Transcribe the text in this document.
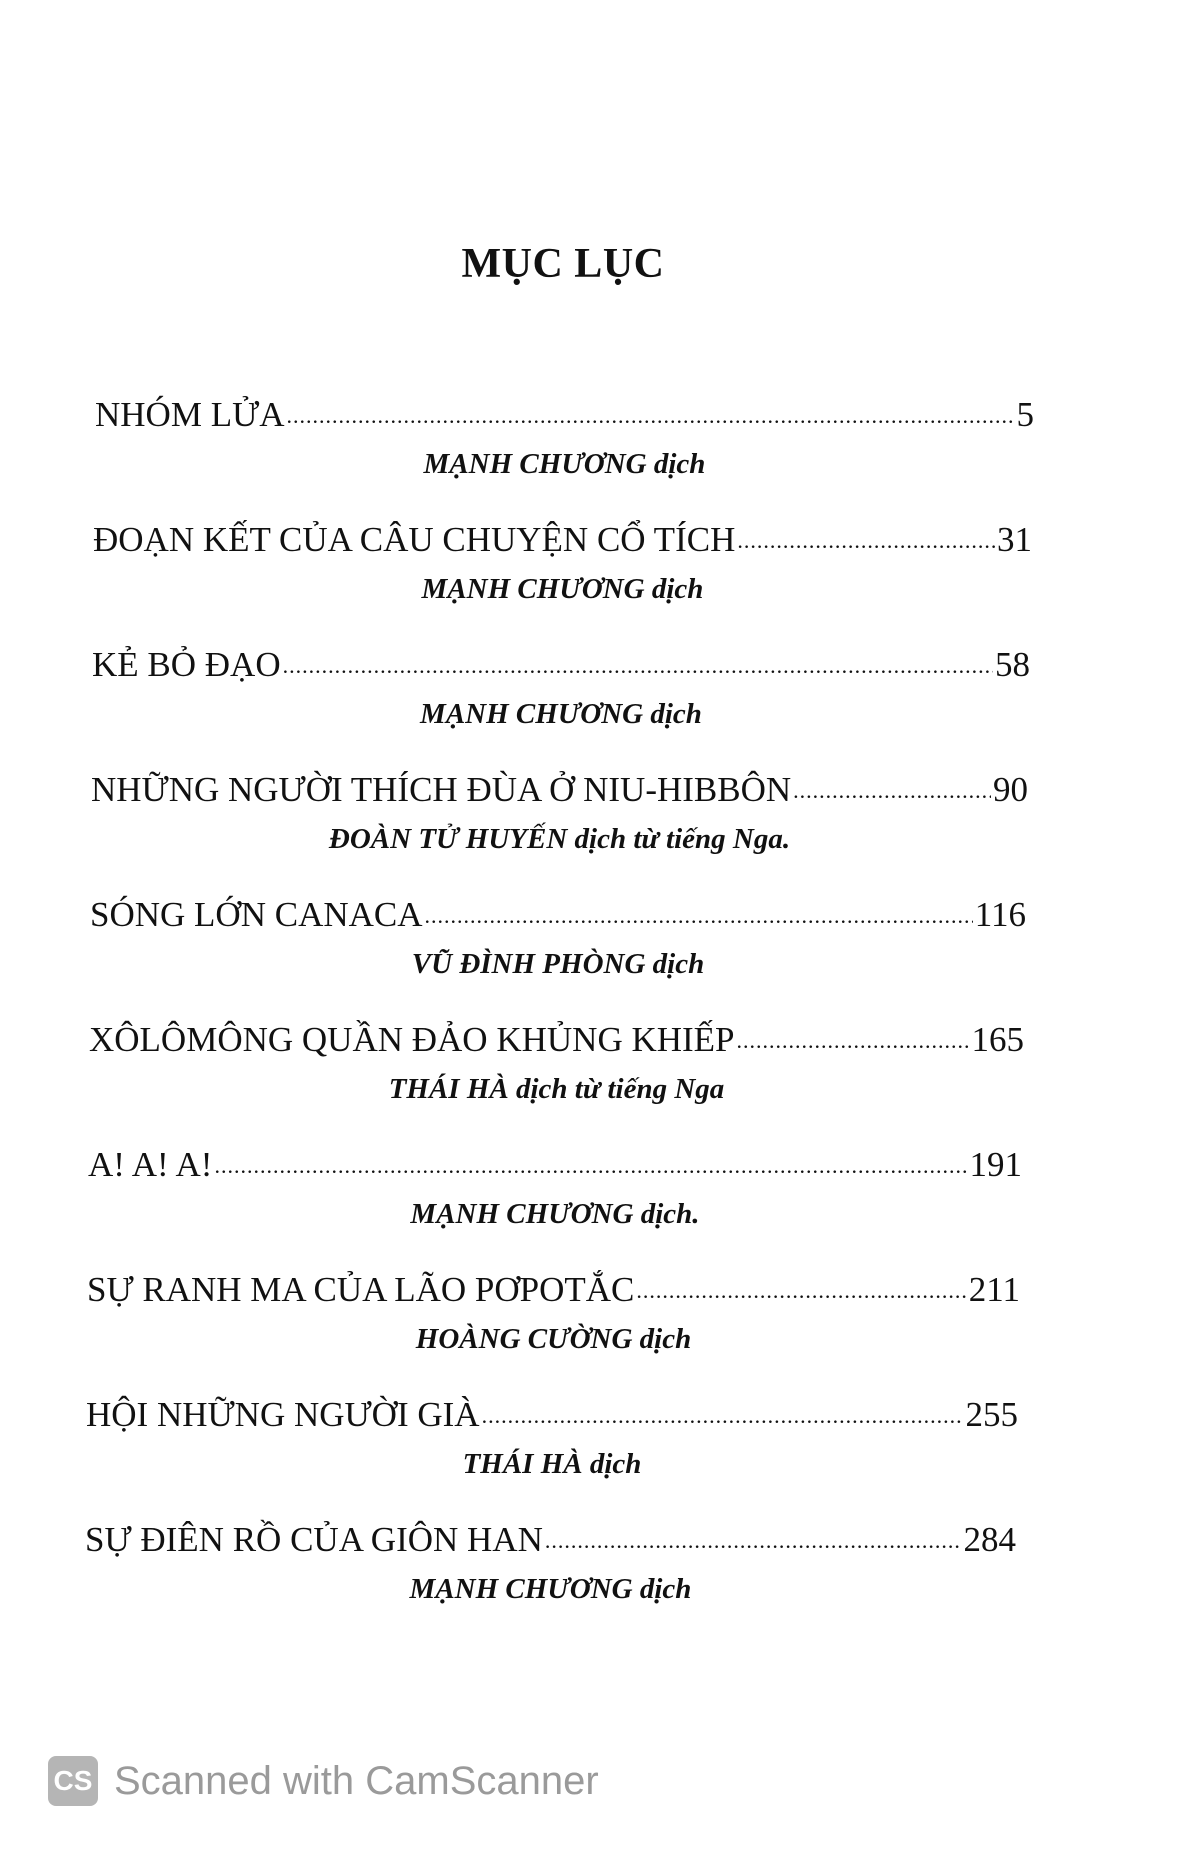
MỤC LỤC
NHÓM LỬA .....	5
MẠNH CHƯƠNG dịch
ĐOẠN KẾT CỦA CÂU CHUYỆN CỔ TÍCH .....	31
MẠNH CHƯƠNG dịch
KẺ BỎ ĐẠO .....	58
MẠNH CHƯƠNG dịch
NHỮNG NGƯỜI THÍCH ĐÙA Ở NIU-HIBBÔN .....	90
ĐOÀN TỬ HUYẾN dịch từ tiếng Nga.
SÓNG LỚN CANACA .....	116
VŨ ĐÌNH PHÒNG dịch
XÔLÔMÔNG QUẦN ĐẢO KHỦNG KHIẾP .....	165
THÁI HÀ dịch từ tiếng Nga
A! A! A! .....	191
MẠNH CHƯƠNG dịch.
SỰ RANH MA CỦA LÃO PƠPOTẮC .....	211
HOÀNG CƯỜNG dịch
HỘI NHỮNG NGƯỜI GIÀ .....	255
THÁI HÀ dịch
SỰ ĐIÊN RỒ CỦA GIÔN HAN .....	284
MẠNH CHƯƠNG dịch
CS Scanned with CamScanner
